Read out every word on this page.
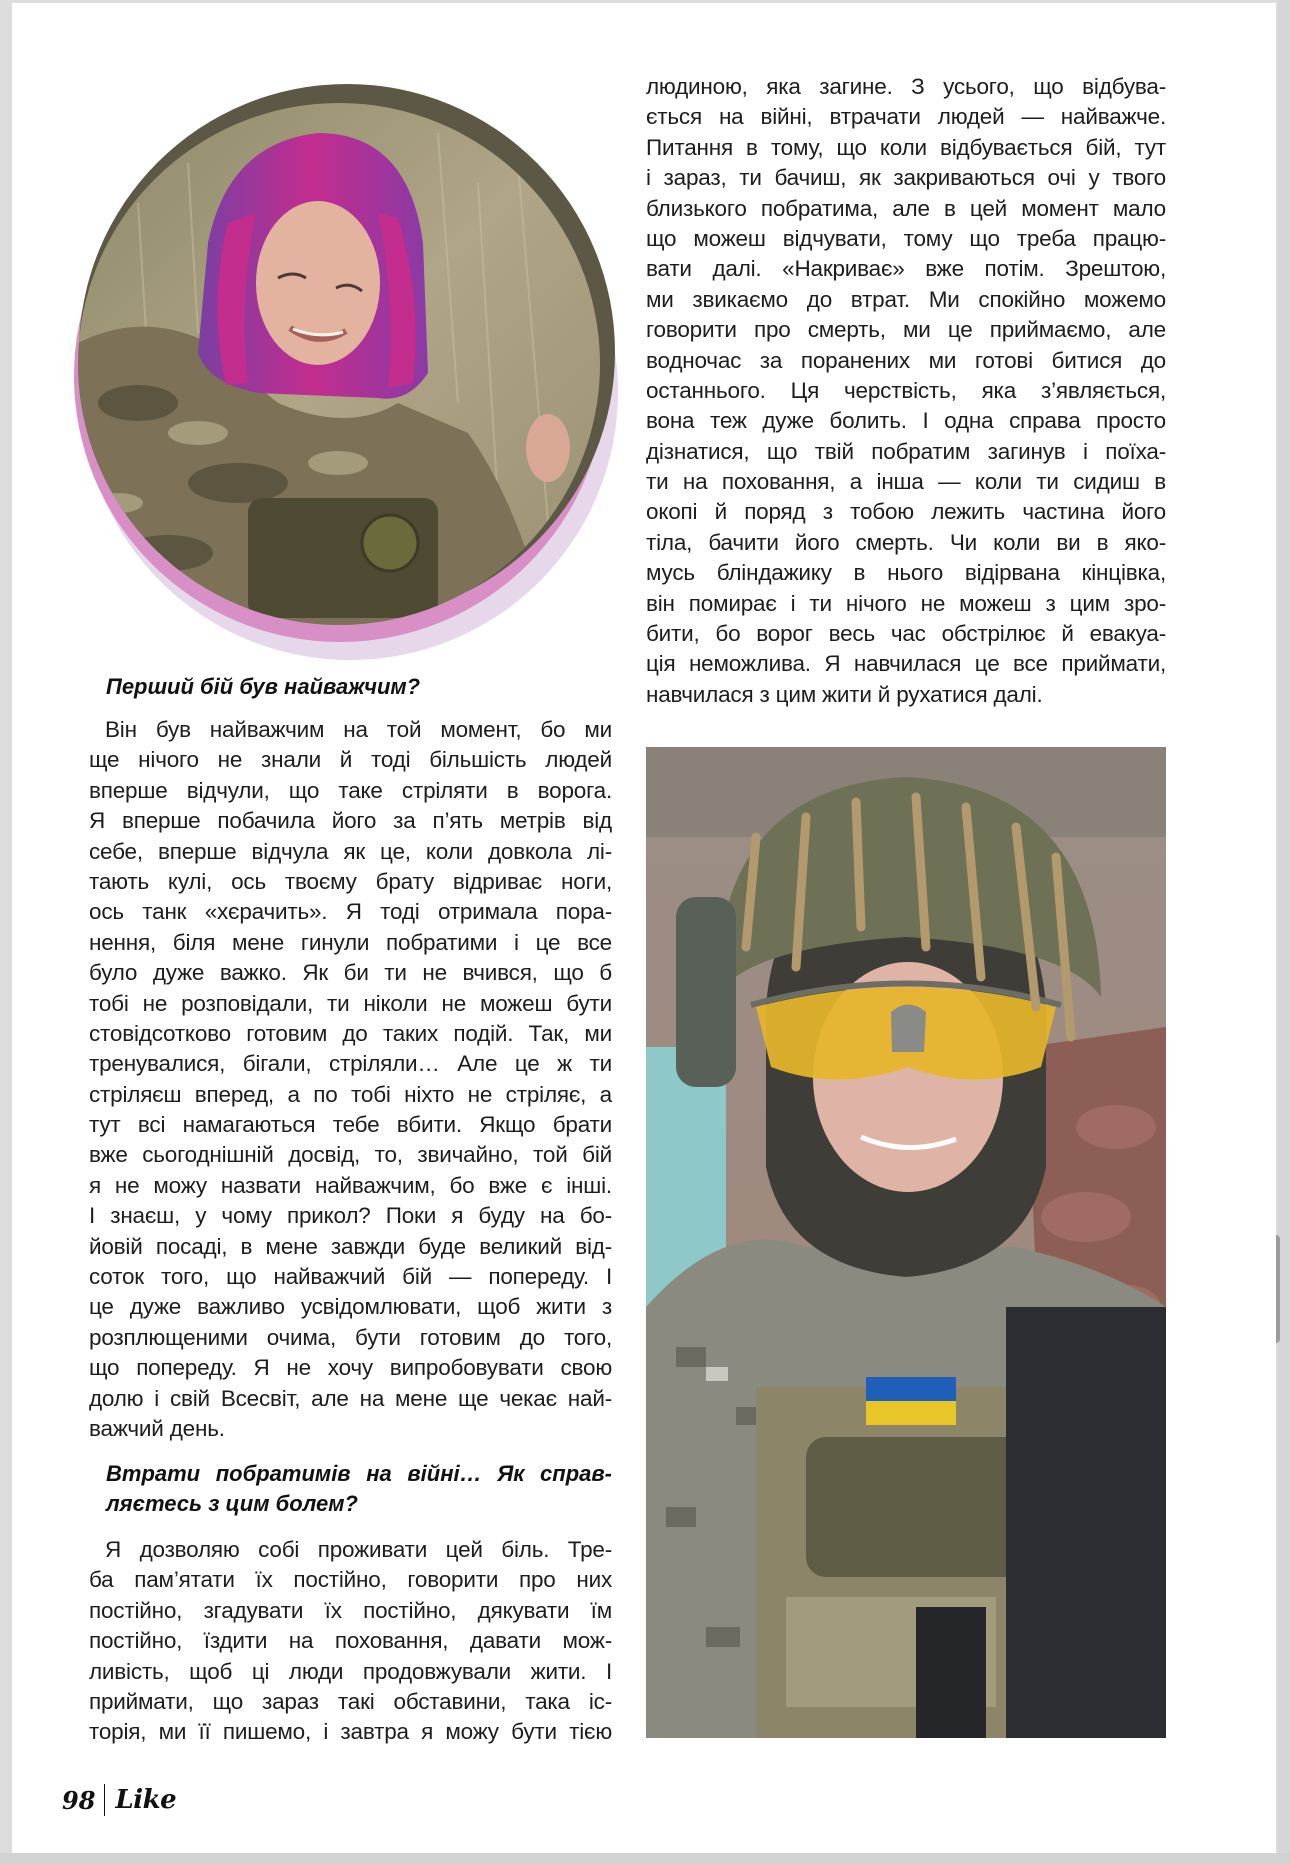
людиною, яка загине. З усього, що відбува-
ється на війні, втрачати людей — найважче.
Питання в тому, що коли відбувається бій, тут
і зараз, ти бачиш, як закриваються очі у твого
близького побратима, але в цей момент мало
що можеш відчувати, тому що треба працю-
вати далі. «Накриває» вже потім. Зрештою,
ми звикаємо до втрат. Ми спокійно можемо
говорити про смерть, ми це приймаємо, але
водночас за поранених ми готові битися до
останнього. Ця черствість, яка з’являється,
вона теж дуже болить. І одна справа просто
дізнатися, що твій побратим загинув і поїха-
ти на поховання, а інша — коли ти сидиш в
окопі й поряд з тобою лежить частина його
тіла, бачити його смерть. Чи коли ви в яко-
мусь бліндажику в нього відірвана кінцівка,
він помирає і ти нічого не можеш з цим зро-
бити, бо ворог весь час обстрілює й евакуа-
ція неможлива. Я навчилася це все приймати,
навчилася з цим жити й рухатися далі.
Перший бій був найважчим?
Він був найважчим на той момент, бо ми
ще нічого не знали й тоді більшість людей
вперше відчули, що таке стріляти в ворога.
Я вперше побачила його за п’ять метрів від
себе, вперше відчула як це, коли довкола лі-
тають кулі, ось твоєму брату відриває ноги,
ось танк «хєрачить». Я тоді отримала пора-
нення, біля мене гинули побратими і це все
було дуже важко. Як би ти не вчився, що б
тобі не розповідали, ти ніколи не можеш бути
стовідсотково готовим до таких подій. Так, ми
тренувалися, бігали, стріляли… Але це ж ти
стріляєш вперед, а по тобі ніхто не стріляє, а
тут всі намагаються тебе вбити. Якщо брати
вже сьогоднішній досвід, то, звичайно, той бій
я не можу назвати найважчим, бо вже є інші.
І знаєш, у чому прикол? Поки я буду на бо-
йовій посаді, в мене завжди буде великий від-
соток того, що найважчий бій — попереду. І
це дуже важливо усвідомлювати, щоб жити з
розплющеними очима, бути готовим до того,
що попереду. Я не хочу випробовувати свою
долю і свій Всесвіт, але на мене ще чекає най-
важчий день.
Втрати побратимів на війні… Як справ-
ляєтесь з цим болем?
Я дозволяю собі проживати цей біль. Тре-
ба пам’ятати їх постійно, говорити про них
постійно, згадувати їх постійно, дякувати їм
постійно, їздити на поховання, давати мож-
ливість, щоб ці люди продовжували жити. І
приймати, що зараз такі обставини, така іс-
торія, ми її пишемо, і завтра я можу бути тією
98 Like
